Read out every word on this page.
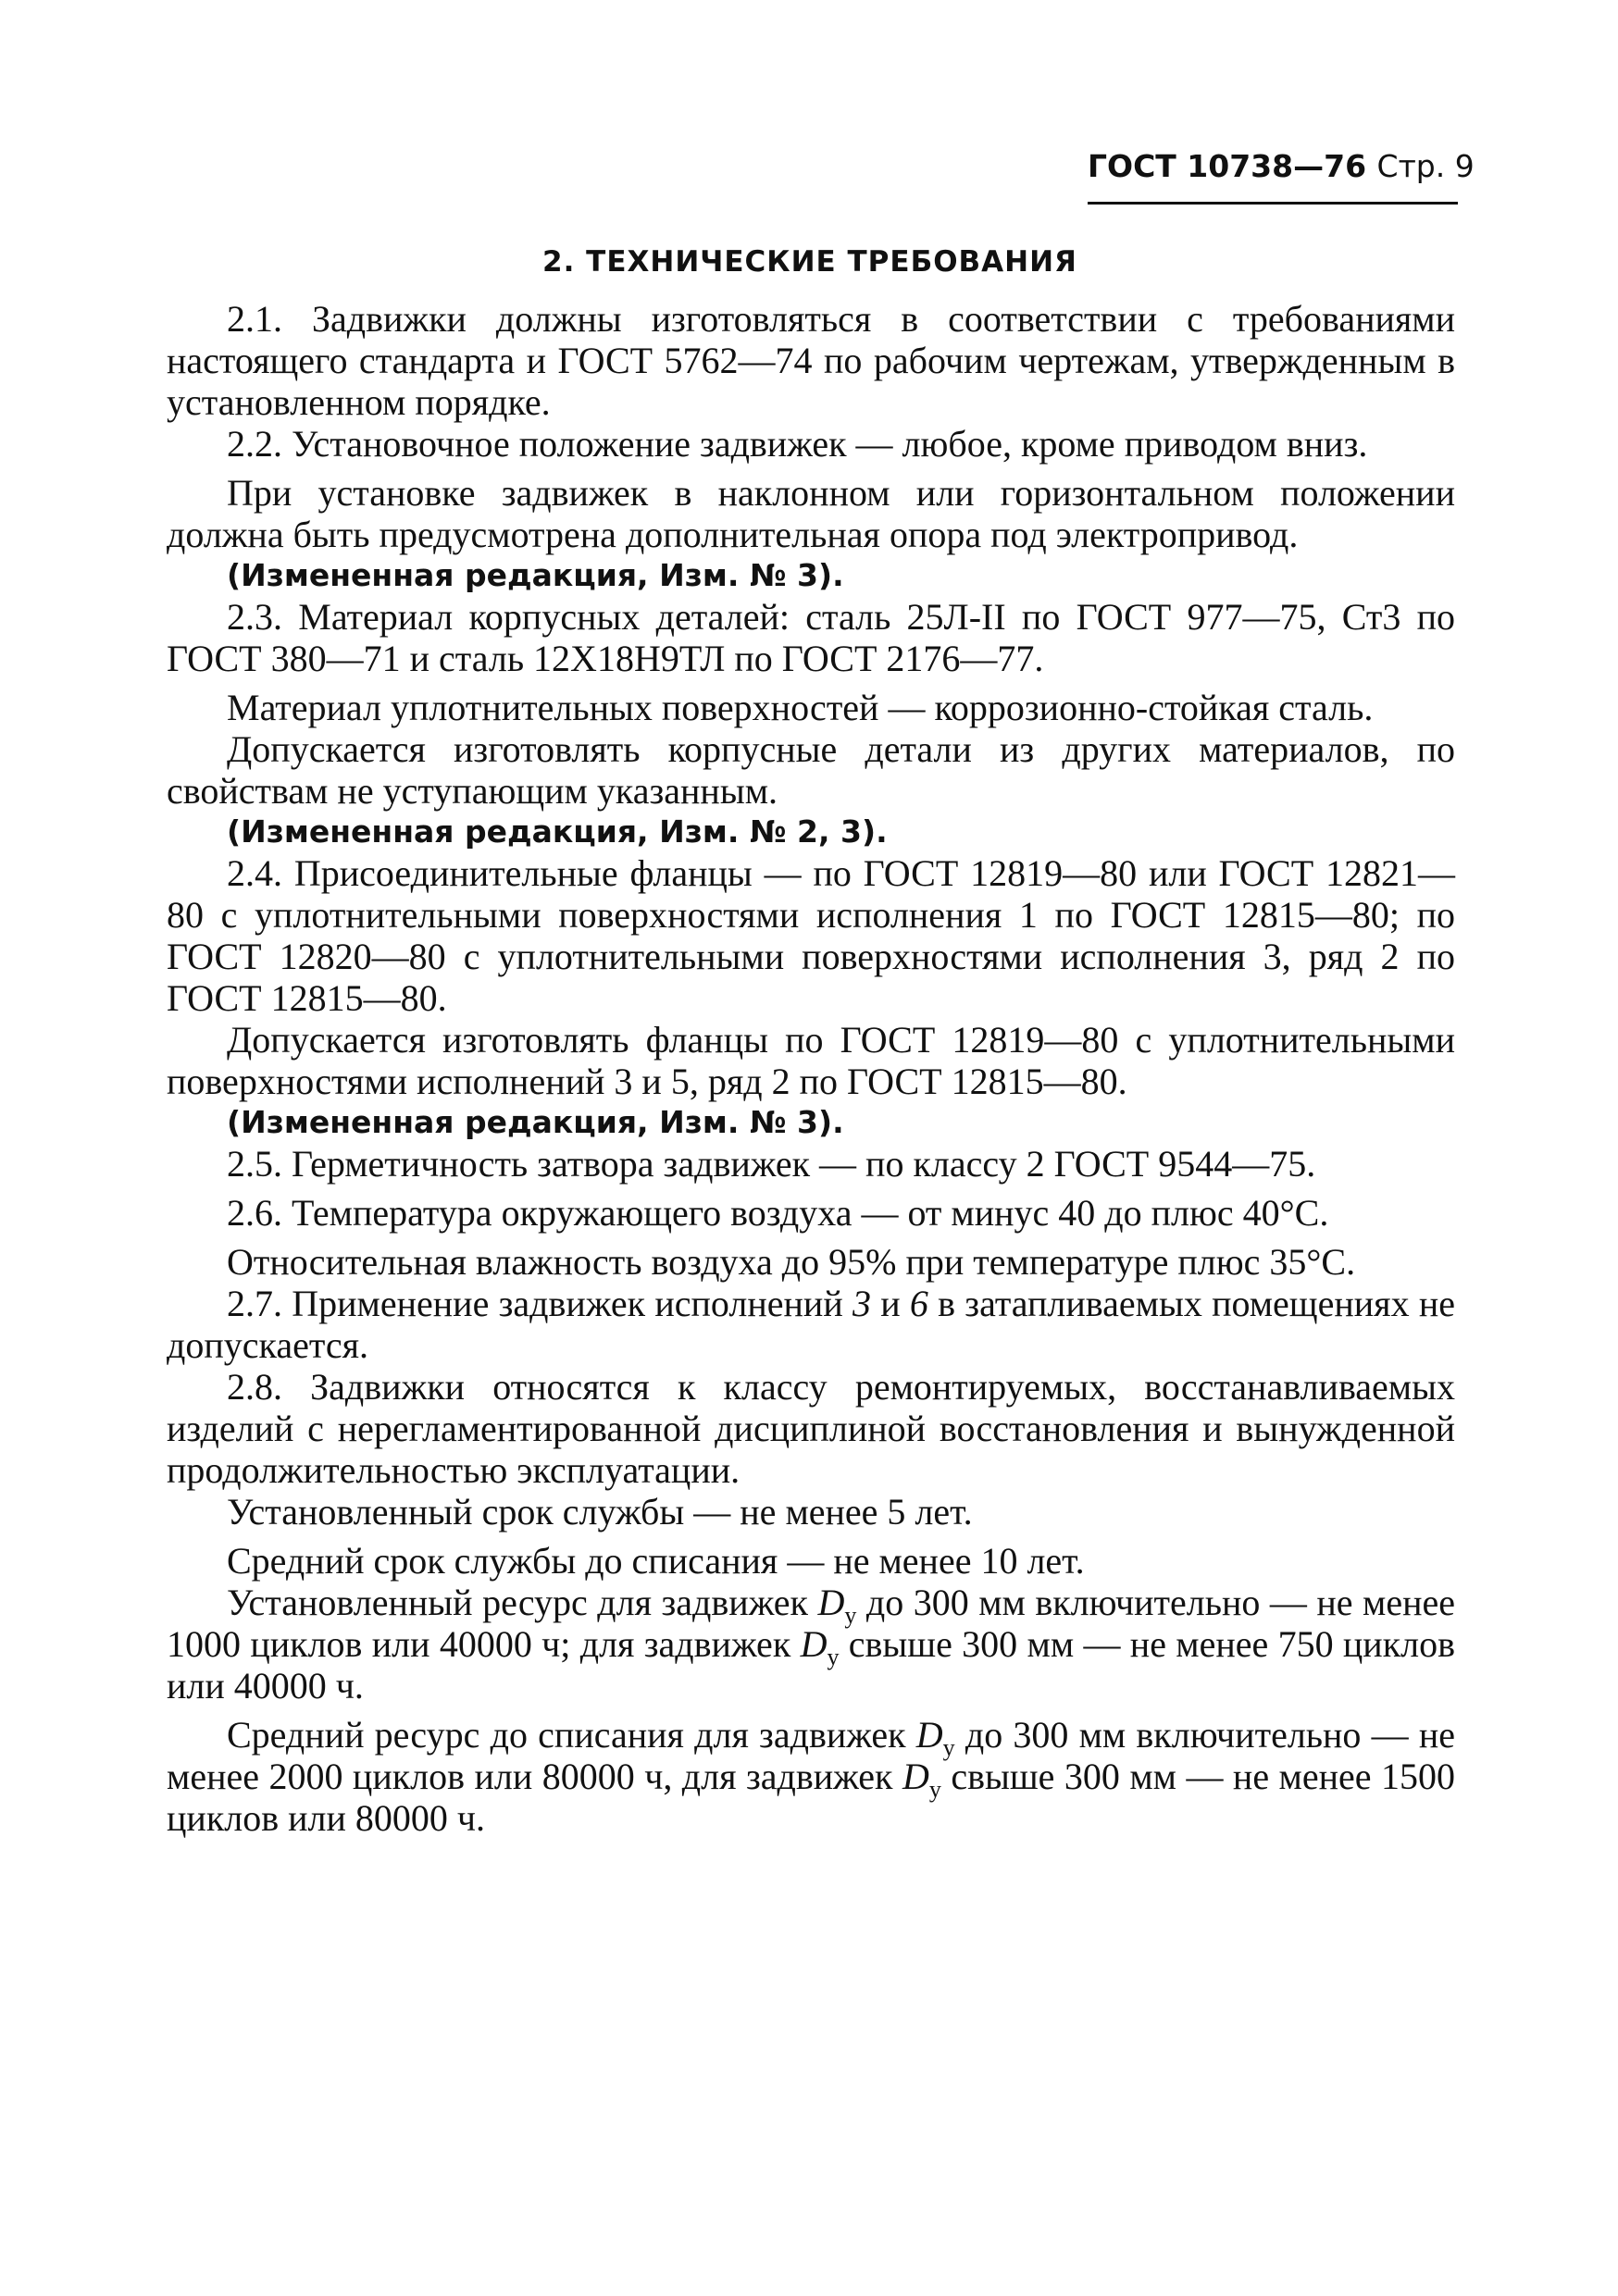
ГОСТ 10738—76 Стр. 9
2. ТЕХНИЧЕСКИЕ ТРЕБОВАНИЯ

2.1. Задвижки должны изготовляться в соответствии с требованиями настоящего стандарта и ГОСТ 5762—74 по рабочим чертежам, утвержденным в установленном порядке.

2.2. Установочное положение задвижек — любое, кроме приводом вниз.

При установке задвижек в наклонном или горизонтальном положении должна быть предусмотрена дополнительная опора под электропривод.

(Измененная редакция, Изм. № 3).

2.3. Материал корпусных деталей: сталь 25Л-II по ГОСТ 977—75, Ст3 по ГОСТ 380—71 и сталь 12Х18Н9ТЛ по ГОСТ 2176—77.

Материал уплотнительных поверхностей — коррозионно-стойкая сталь.

Допускается изготовлять корпусные детали из других материалов, по свойствам не уступающим указанным.

(Измененная редакция, Изм. № 2, 3).

2.4. Присоединительные фланцы — по ГОСТ 12819—80 или ГОСТ 12821—80 с уплотнительными поверхностями исполнения 1 по ГОСТ 12815—80; по ГОСТ 12820—80 с уплотнительными поверхностями исполнения 3, ряд 2 по ГОСТ 12815—80.

Допускается изготовлять фланцы по ГОСТ 12819—80 с уплотнительными поверхностями исполнений 3 и 5, ряд 2 по ГОСТ 12815—80.

(Измененная редакция, Изм. № 3).

2.5. Герметичность затвора задвижек — по классу 2 ГОСТ 9544—75.

2.6. Температура окружающего воздуха — от минус 40 до плюс 40°С.

Относительная влажность воздуха до 95% при температуре плюс 35°С.

2.7. Применение задвижек исполнений 3 и 6 в затапливаемых помещениях не допускается.

2.8. Задвижки относятся к классу ремонтируемых, восстанавливаемых изделий с нерегламентированной дисциплиной восстановления и вынужденной продолжительностью эксплуатации.

Установленный срок службы — не менее 5 лет.

Средний срок службы до списания — не менее 10 лет.

Установленный ресурс для задвижек $D_у$ до 300 мм включительно — не менее 1000 циклов или 40000 ч; для задвижек $D_у$ свыше 300 мм — не менее 750 циклов или 40000 ч.

Средний ресурс до списания для задвижек $D_у$ до 300 мм включительно — не менее 2000 циклов или 80000 ч, для задвижек $D_у$ свыше 300 мм — не менее 1500 циклов или 80000 ч.
